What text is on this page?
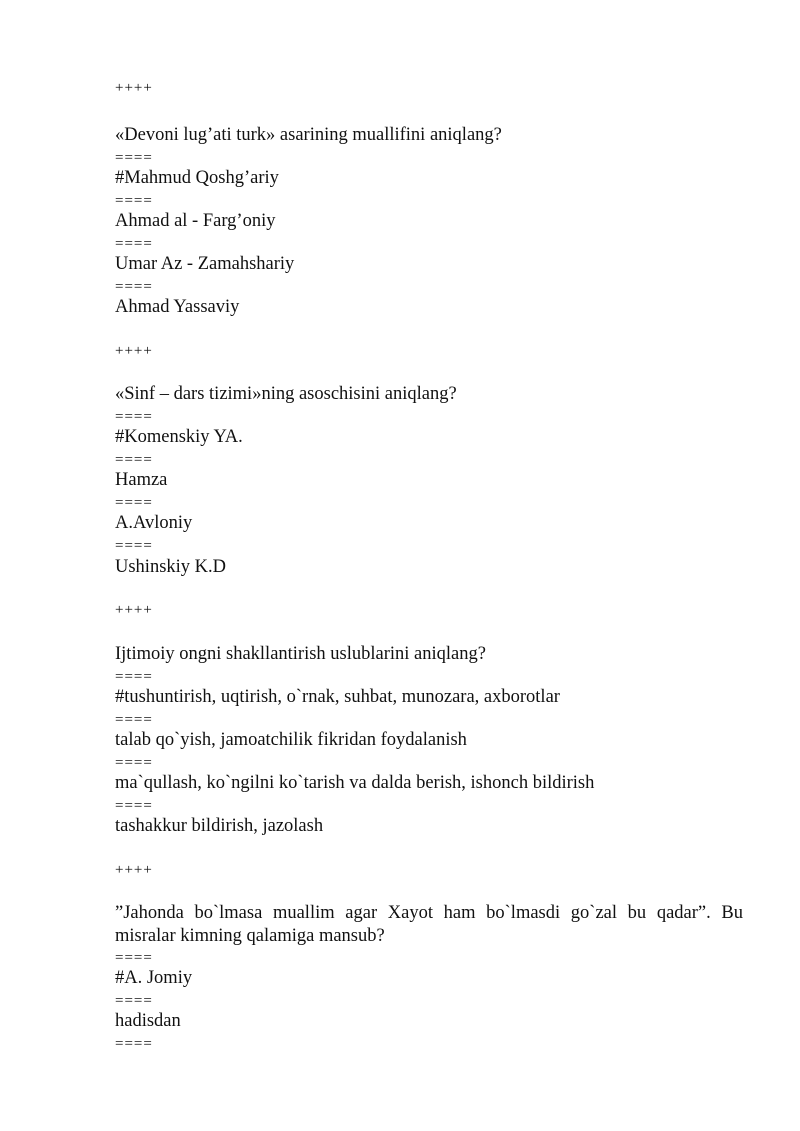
++++
«Devoni lug’ati turk» asarining muallifini aniqlang?
====
#Mahmud Qoshg’ariy
====
Ahmad al - Farg’oniy
====
Umar Az - Zamahshariy
====
Ahmad Yassaviy
++++
«Sinf – dars tizimi»ning asoschisini aniqlang?
====
#Komenskiy YA.
====
Hamza
====
A.Avloniy
====
Ushinskiy K.D
++++
Ijtimoiy ongni shakllantirish uslublarini aniqlang?
====
#tushuntirish, uqtirish, o`rnak, suhbat, munozara, axborotlar
====
talab qo`yish, jamoatchilik fikridan foydalanish
====
ma`qullash, ko`ngilni ko`tarish va dalda berish, ishonch bildirish
====
tashakkur bildirish, jazolash
++++
”Jahonda bo`lmasa muallim agar Xayot ham bo`lmasdi go`zal bu qadar”. Bu misralar kimning qalamiga mansub?
====
#A. Jomiy
====
hadisdan
====
